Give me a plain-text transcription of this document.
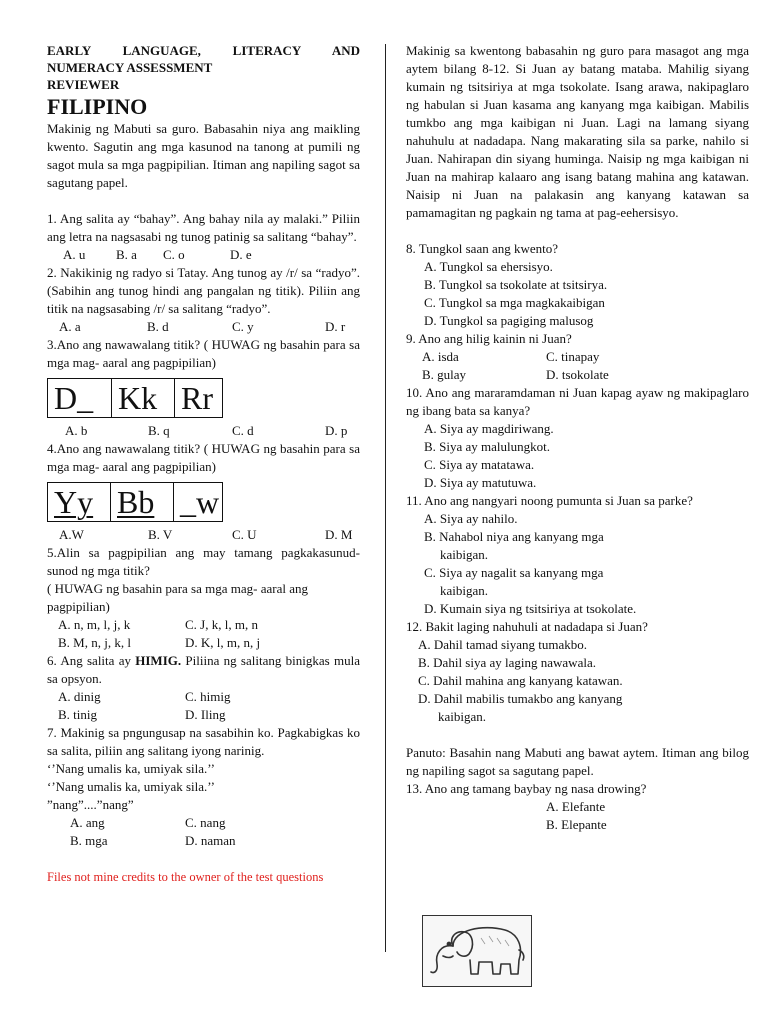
EARLY LANGUAGE, LITERACY AND
NUMERACY ASSESSMENT
REVIEWER
FILIPINO

Makinig ng Mabuti sa guro. Babasahin niya ang maikling kwento. Sagutin ang mga kasunod na tanong at pumili ng sagot mula sa mga pagpipilian. Itiman ang napiling sagot sa sagutang papel.

1. Ang salita ay “bahay”. Ang bahay nila ay malaki.” Piliin ang letra na nagsasabi ng tunog patinig sa salitang “bahay”.

A. u	B. a	C. o	D. e

2. Nakikinig ng radyo si Tatay. Ang tunog ay /r/ sa “radyo”. (Sabihin ang tunog hindi ang pangalan ng titik). Piliin ang titik na nagsasabing /r/ sa salitang “radyo”.

A. a	B. d	C. y	D. r

3.Ano ang nawawalang titik? ( HUWAG ng basahin para sa mga mag- aaral ang pagpipilian)

D_ Kk Rr
A. b	B. q	C. d	D. p

4.Ano ang nawawalang titik? ( HUWAG ng basahin para sa mga mag- aaral ang pagpipilian)

Yy Bb _w
A.W	B. V	C. U	D. M

5.Alin sa pagpipilian ang may tamang pagkakasunud- sunod ng mga titik?

( HUWAG ng basahin para sa mga mag- aaral ang pagpipilian)

A. n, m, l, j, k	C. J, k, l, m, n
B. M, n, j, k, l	D. K, l, m, n, j

6. Ang salita ay HIMIG. Piliina ng salitang binigkas mula sa opsyon.

A. dinig	C. himig
B. tinig	D. Iling

7. Makinig sa pngungusap na sasabihin ko. Pagkabigkas ko sa salita, piliin ang salitang iyong narinig.

‘’Nang umalis ka, umiyak sila.’’

‘’Nang umalis ka, umiyak sila.’’

”nang”....”nang”

A. ang	C. nang
B. mga	D. naman

Files not mine credits to the owner of the test questions

Makinig sa kwentong babasahin ng guro para masagot ang mga aytem bilang 8-12. Si Juan ay batang mataba. Mahilig siyang kumain ng tsitsiriya at mga tsokolate. Isang arawa, nakipaglaro ng habulan si Juan kasama ang kanyang mga kaibigan. Mabilis tumkbo ang mga kaibigan ni Juan. Lagi na lamang siyang nahuhulu at nadadapa. Nang makarating sila sa parke, nahilo si Juan. Nahirapan din siyang huminga. Naisip ng mga kaibigan ni Juan na mahirap kalaaro ang isang batang mahina ang katawan. Naisip ni Juan na palakasin ang kanyang katawan sa pamamagitan ng pagkain ng tama at pag-eehersisyo.

8. Tungkol saan ang kwento?

A. Tungkol sa ehersisyo.
B. Tungkol sa tsokolate at tsitsirya.
C. Tungkol sa mga magkakaibigan
D. Tungkol sa pagiging malusog

9. Ano ang hilig kainin ni Juan?

A. isda	C. tinapay
B. gulay	D. tsokolate

10. Ano ang mararamdaman ni Juan kapag ayaw ng makipaglaro ng ibang bata sa kanya?

A. Siya ay magdiriwang.
B. Siya ay malulungkot.
C. Siya ay matatawa.
D. Siya ay matutuwa.

11. Ano ang nangyari noong pumunta si Juan sa parke?

A. Siya ay nahilo.
B. Nahabol niya ang kanyang mga
kaibigan.
C. Siya ay nagalit sa kanyang mga
kaibigan.
D. Kumain siya ng tsitsiriya at tsokolate.

12. Bakit laging nahuhuli at nadadapa si Juan?

A. Dahil tamad siyang tumakbo.
B. Dahil siya ay laging nawawala.
C. Dahil mahina ang kanyang katawan.
D. Dahil mabilis tumakbo ang kanyang
kaibigan.

Panuto: Basahin nang Mabuti ang bawat aytem. Itiman ang bilog ng napiling sagot sa sagutang papel.

13. Ano ang tamang baybay ng nasa drowing?

A. Elefante
B. Elepante
